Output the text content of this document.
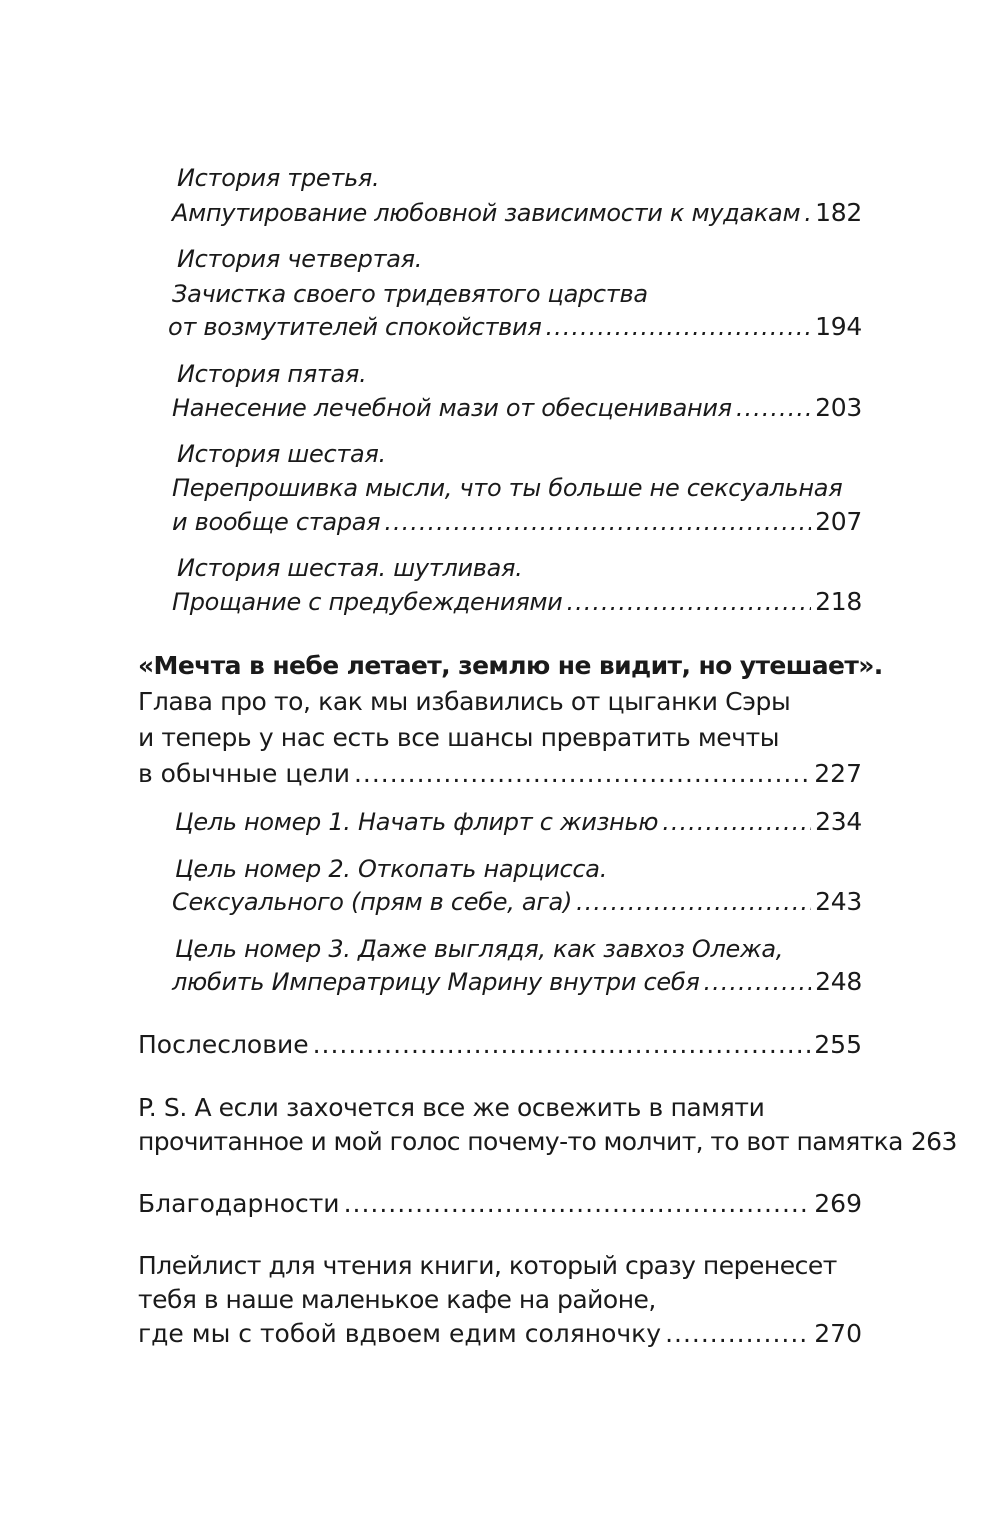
История третья.
Ампутирование любовной зависимости к мудакам ..... 182
История четвертая.
Зачистка своего тридевятого царства
от возмутителей спокойствия .....	194
История пятая.
Нанесение лечебной мази от обесценивания .....	203
История шестая.
Перепрошивка мысли, что ты больше не сексуальная
и вообще старая .....	207
История шестая. шутливая.
Прощание с предубеждениями .....	218
«Мечта в небе летает, землю не видит, но утешает».
Глава про то, как мы избавились от цыганки Сэры
и теперь у нас есть все шансы превратить мечты
в обычные цели .....	227
Цель номер 1. Начать флирт с жизнью .....	234
Цель номер 2. Откопать нарцисса.
Сексуального (прям в себе, ага) .....	243
Цель номер 3. Даже выглядя, как завхоз Олежа,
любить Императрицу Марину внутри себя .....	248
Послесловие .....	255
P. S. А если захочется все же освежить в памяти
прочитанное и мой голос почему-то молчит, то вот памятка 263
Благодарности .....	269
Плейлист для чтения книги, который сразу перенесет
тебя в наше маленькое кафе на районе,
где мы с тобой вдвоем едим соляночку .....	270
